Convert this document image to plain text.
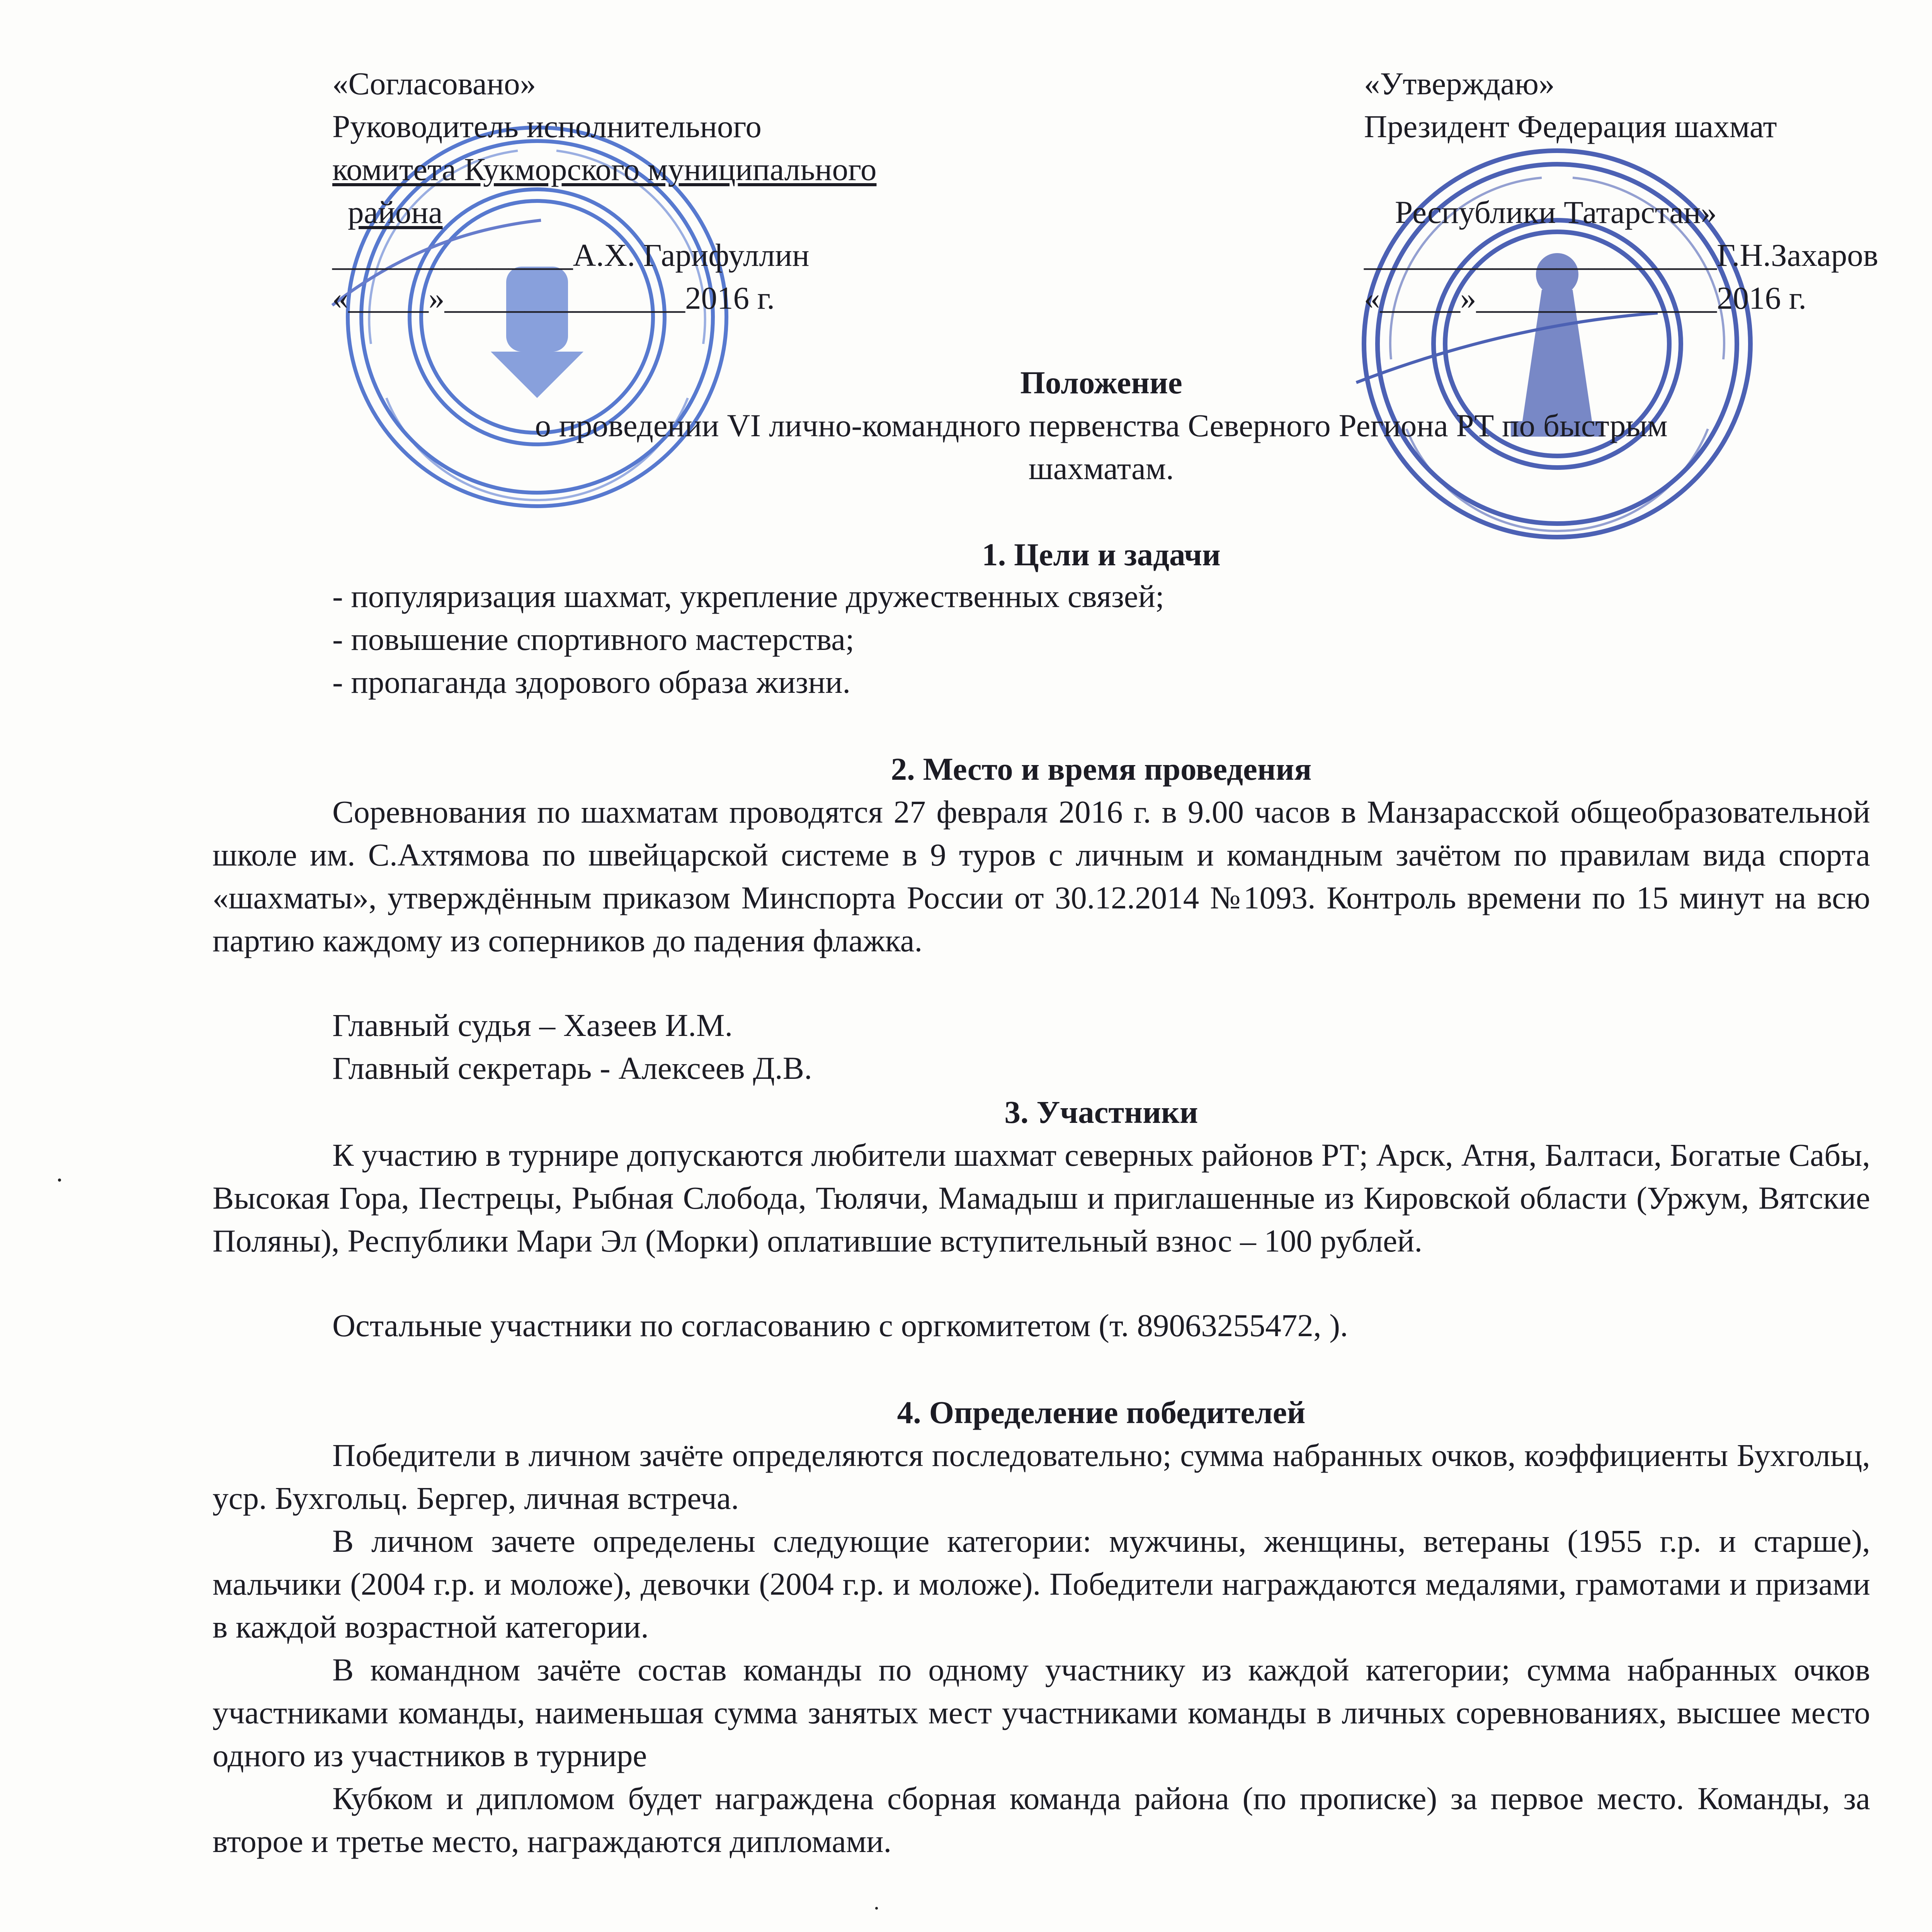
«Согласовано»
Руководитель исполнительного
комитета Кукморского муниципального
района
_______________А.Х. Гарифуллин
«_____»_______________2016 г.
«Утверждаю»
Президент Федерация шахмат
Республики Татарстан»
______________________Г.Н.Захаров
«_____»_______________2016 г.
Положение
о проведении VI лично-командного первенства Северного Региона РТ по быстрым
шахматам.
1. Цели и задачи
- популяризация шахмат, укрепление дружественных связей;
- повышение спортивного мастерства;
- пропаганда здорового образа жизни.
2. Место и время проведения
Соревнования по шахматам проводятся 27 февраля 2016 г. в 9.00 часов в Манзарасской общеобразовательной школе им. С.Ахтямова по швейцарской системе в 9 туров с личным и командным зачётом по правилам вида спорта «шахматы», утверждённым приказом Минспорта России от 30.12.2014 №1093. Контроль времени по 15 минут на всю партию каждому из соперников до падения флажка.
Главный судья – Хазеев И.М.
Главный секретарь - Алексеев Д.В.
3. Участники
К участию в турнире допускаются любители шахмат северных районов РТ; Арск, Атня, Балтаси, Богатые Сабы, Высокая Гора, Пестрецы, Рыбная Слобода, Тюлячи, Мамадыш и приглашенные из Кировской области (Уржум, Вятские Поляны), Республики Мари Эл (Морки) оплатившие вступительный взнос – 100 рублей.
Остальные участники по согласованию с оргкомитетом (т. 89063255472, ).
4. Определение победителей
Победители в личном зачёте определяются последовательно; сумма набранных очков, коэффициенты Бухгольц, уср. Бухгольц. Бергер, личная встреча.
В личном зачете определены следующие категории: мужчины, женщины, ветераны (1955 г.р. и старше), мальчики (2004 г.р. и моложе), девочки (2004 г.р. и моложе). Победители награждаются медалями, грамотами и призами в каждой возрастной категории.
В командном зачёте состав команды по одному участнику из каждой категории; сумма набранных очков участниками команды, наименьшая сумма занятых мест участниками команды в личных соревнованиях, высшее место одного из участников в турнире
Кубком и дипломом будет награждена сборная команда района (по прописке) за первое место. Команды, за второе и третье место, награждаются дипломами.
